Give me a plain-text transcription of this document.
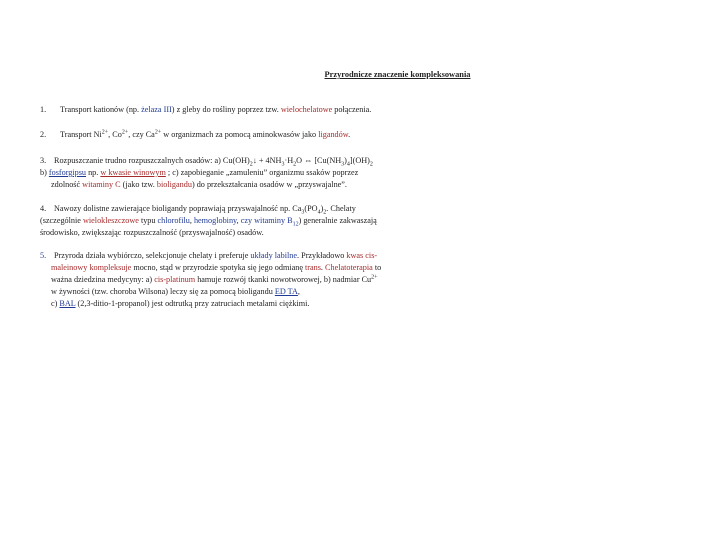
Przyrodnicze znaczenie kompleksowania
1. Transport kationów (np. żelaza III) z gleby do rośliny poprzez tzw. wielochelatowe połączenia.
2. Transport $Ni^{2+}$, $Co^{2+}$, czy $Ca^{2+}$ w organizmach za pomocą aminokwasów jako ligandów.
3. Rozpuszczanie trudno rozpuszczalnych osadów: a) $Cu(OH)_2↓ + 4NH_3\cdot H_2O$ ⇔ $[Cu(NH_3)_4](OH)_2$
b) fosforgipsu np. w kwasie winowym ; c) zapobieganie „zamuleniu” organizmu ssaków poprzez
zdolność witaminy C (jako tzw. bioligandu) do przekształcania osadów w „przyswajalne”.
4. Nawozy dolistne zawierające bioligandy poprawiają przyswajalność np. $Ca_3(PO_4)_2$. Chelaty
(szczególnie wielokleszczowe typu chlorofilu, hemoglobiny, czy witaminy $B_{12}$) generalnie zakwaszają
środowisko, zwiększając rozpuszczalność (przyswajalność) osadów.
5. Przyroda działa wybiórczo, selekcjonuje chelaty i preferuje układy labilne. Przykładowo kwas cis-
maleinowy kompleksuje mocno, stąd w przyrodzie spotyka się jego odmianę trans. Chelatoterapia to
ważna dziedzina medycyny: a) cis-platinum hamuje rozwój tkanki nowotworowej, b) nadmiar $Cu^{2+}$
w żywności (tzw. choroba Wilsona) leczy się za pomocą bioligandu ED TA,
c) BAL (2,3-ditio-1-propanol) jest odtrutką przy zatruciach metalami ciężkimi.
